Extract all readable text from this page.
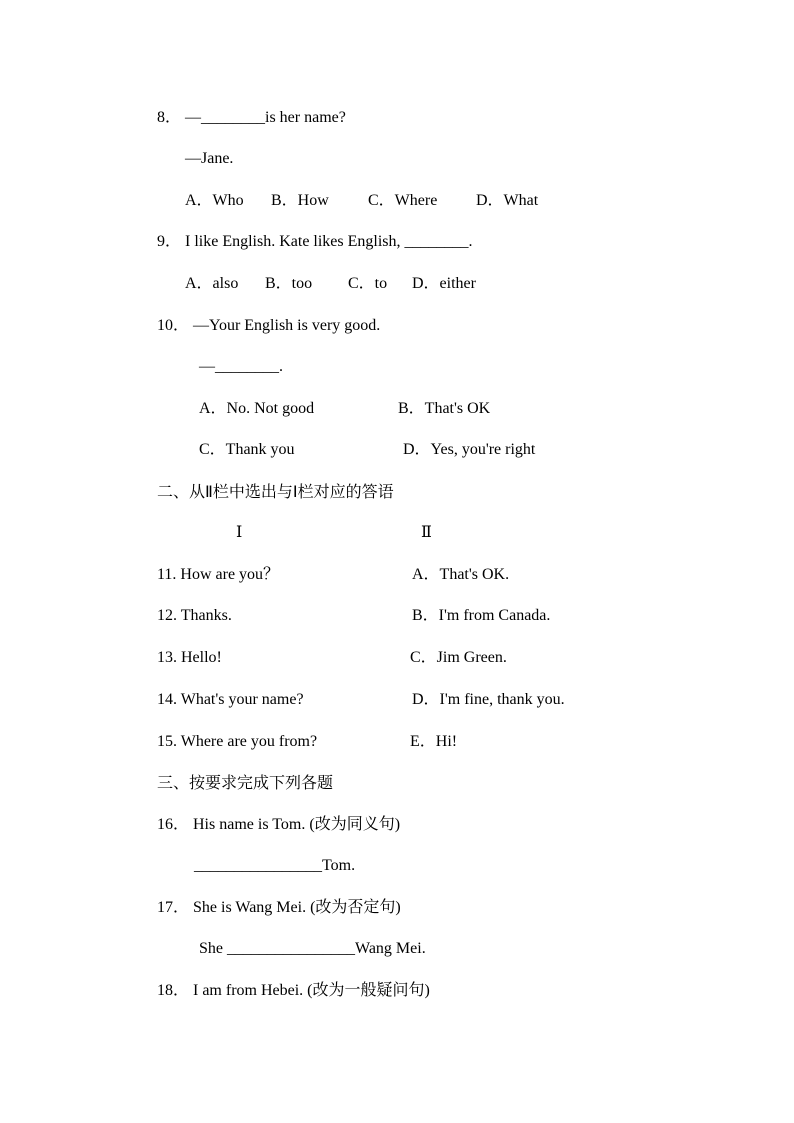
8． —________is her name?
—Jane.
A．Who B．How C．Where D．What
9． I like English. Kate likes English, ________.
A．also B．too C．to D．either
10． —Your English is very good.
—________.
A．No. Not good	B．That's OK
C．Thank you	D．Yes, you're right
二、从Ⅱ栏中选出与Ⅰ栏对应的答语
Ⅰ	Ⅱ
11. How are you？	A．That's OK.
12. Thanks.	B．I'm from Canada.
13. Hello!	C．Jim Green.
14. What's your name?	D．I'm fine, thank you.
15. Where are you from?	E．Hi!
三、按要求完成下列各题
16． His name is Tom. (改为同义句)
________________Tom.
17． She is Wang Mei. (改为否定句)
She ________________Wang Mei.
18． I am from Hebei. (改为一般疑问句)
